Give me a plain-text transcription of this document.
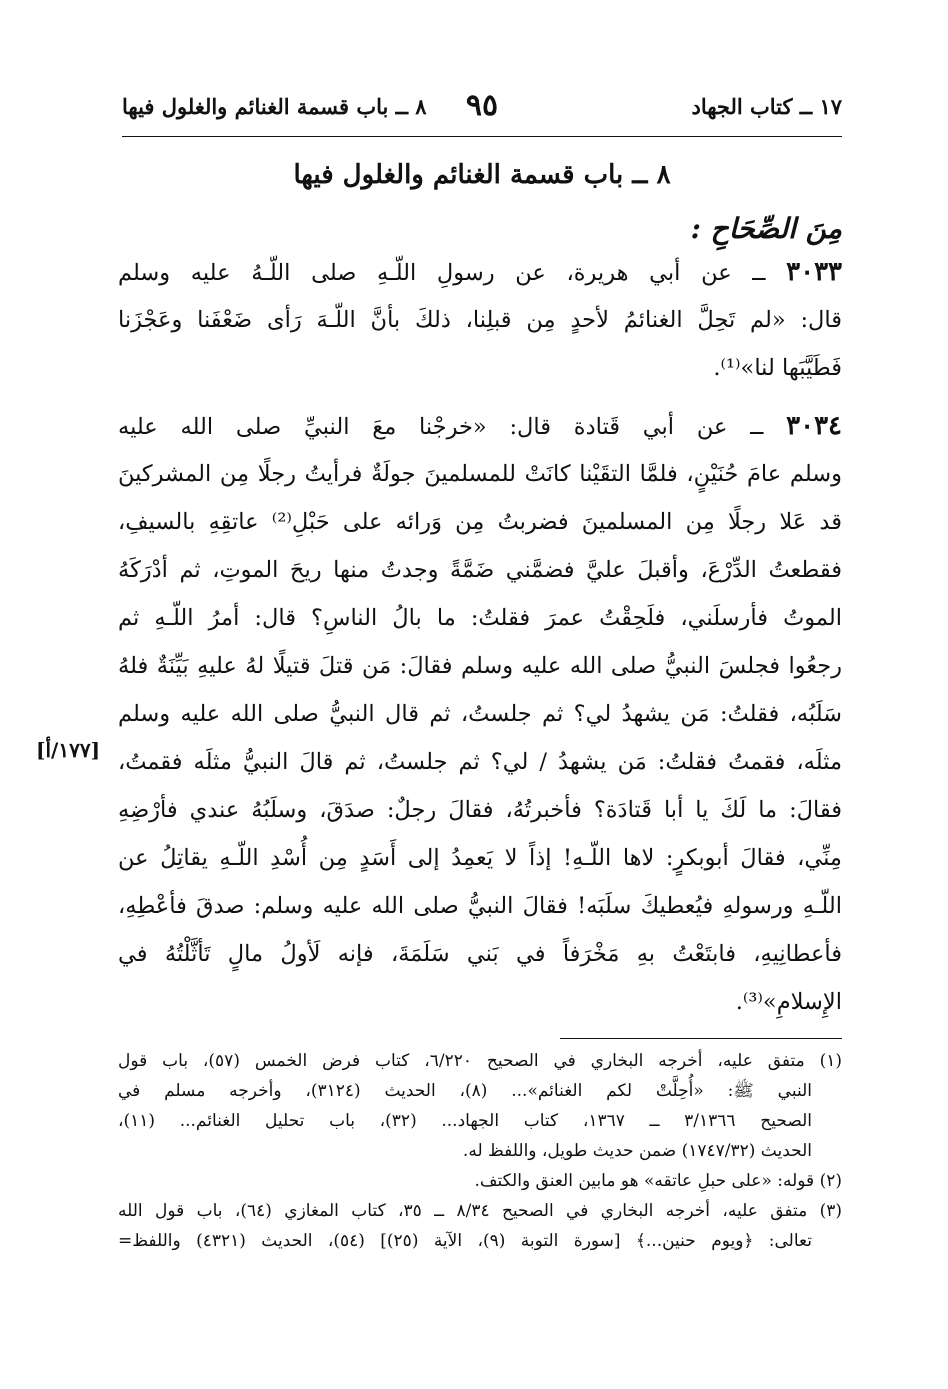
١٧ ــ كتاب الجهاد
٩٥
٨ ــ باب قسمة الغنائم والغلول فيها
٨ ــ باب قسمة الغنائم والغلول فيها
مِنَ الصِّحَاحِ :
٣٠٣٣ ــ عن أبي هريرة، عن رسولِ اللّـهِ صلى اللّـهُ عليه وسلم
قال: «لم تَحِلَّ الغنائمُ لأحدٍ مِن قبلِنا، ذلكَ بأنَّ اللّـهَ رَأى ضَعْفَنا وعَجْزَنا
فَطَيَّبَها لنا»⁽¹⁾.
٣٠٣٤ ــ عن أبي قَتادة قال: «خرجْنا معَ النبيِّ صلى الله عليه
وسلم عامَ حُنَيْنٍ، فلمَّا التقَيْنا كانَتْ للمسلمينَ جولَةٌ فرأيتُ رجلًا مِن المشركينَ
قد عَلا رجلًا مِن المسلمينَ فضربتُ مِن وَرائه على حَبْلِ⁽²⁾ عاتقِهِ بالسيفِ،
فقطعتُ الدِّرْعَ، وأقبلَ عليَّ فضمَّني ضَمَّةً وجدتُ منها ريحَ الموتِ، ثم أدْرَكَهُ
الموتُ فأرسلَني، فلَحِقْتُ عمرَ فقلتُ: ما بالُ الناسِ؟ قال: أمرُ اللّـهِ ثم
رجعُوا فجلسَ النبيُّ صلى الله عليه وسلم فقالَ: مَن قتلَ قتيلًا لهُ عليهِ بَيِّنَةٌ فلهُ
سَلَبُه، فقلتُ: مَن يشهدُ لي؟ ثم جلستُ، ثم قال النبيُّ صلى الله عليه وسلم
مثلَه، فقمتُ فقلتُ: مَن يشهدُ / لي؟ ثم جلستُ، ثم قالَ النبيُّ مثلَه فقمتُ،
فقالَ: ما لَكَ يا أبا قَتادَة؟ فأخبرتُهُ، فقالَ رجلٌ: صدَقَ، وسلَبُهُ عندي فأرْضِهِ
مِنِّي، فقالَ أبوبكرٍ: لاها اللّـهِ! إذاً لا يَعمِدُ إلى أَسَدٍ مِن أُسْدِ اللّـهِ يقاتِلُ عن
اللّـهِ ورسولهِ فيُعطيكَ سلَبَه! فقالَ النبيُّ صلى الله عليه وسلم: صدقَ فأعْطِهِ،
فأعطانِيهِ، فابتَعْتُ بهِ مَخْرَفاً في بَني سَلَمَةَ، فإنه لَأولُ مالٍ تَأثَّلْتُهُ في
الإِسلامِ»⁽³⁾.
[١٧٧/أ]
(١) متفق عليه، أخرجه البخاري في الصحيح ٦/٢٢٠، كتاب فرض الخمس (٥٧)، باب قول
النبي ﷺ: «أُحِلَّتْ لكم الغنائم»... (٨)، الحديث (٣١٢٤)، وأخرجه مسلم في
الصحيح ٣/١٣٦٦ ــ ١٣٦٧، كتاب الجهاد... (٣٢)، باب تحليل الغنائم... (١١)،
الحديث (١٧٤٧/٣٢) ضمن حديث طويل، واللفظ له.
(٢) قوله: «على حبلِ عاتقه» هو مابين العنق والكتف.
(٣) متفق عليه، أخرجه البخاري في الصحيح ٨/٣٤ ــ ٣٥، كتاب المغازي (٦٤)، باب قول الله
تعالى: ﴿ويوم حنين...﴾ [سورة التوبة (٩)، الآية (٢٥)] (٥٤)، الحديث (٤٣٢١) واللفظ=
